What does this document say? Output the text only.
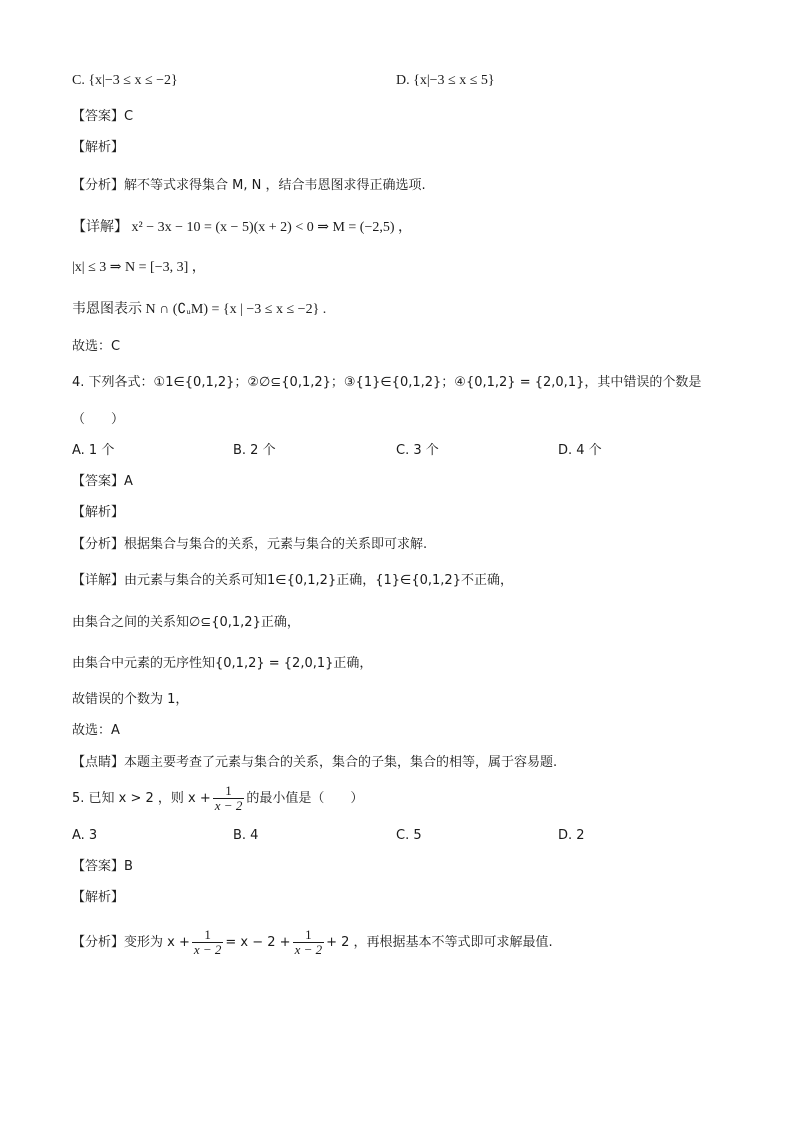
C. {x|−3 ≤ x ≤ −2}	D. {x|−3 ≤ x ≤ 5}
【答案】C
【解析】
【分析】解不等式求得集合 M, N ，结合韦恩图求得正确选项.
【详解】 x² − 3x − 10 = (x − 5)(x + 2) < 0 ⇒ M = (−2,5) ，
|x| ≤ 3 ⇒ N = [−3, 3] ，
韦恩图表示 N ∩ (∁ᵤM) = {x | −3 ≤ x ≤ −2} .
故选：C
4. 下列各式：①1∈{0,1,2}；②∅⊆{0,1,2}；③{1}∈{0,1,2}；④{0,1,2} = {2,0,1}，其中错误的个数是
（　　）
A. 1 个	B. 2 个	C. 3 个	D. 4 个
【答案】A
【解析】
【分析】根据集合与集合的关系，元素与集合的关系即可求解.
【详解】由元素与集合的关系可知1∈{0,1,2}正确，{1}∈{0,1,2}不正确，
由集合之间的关系知∅⊆{0,1,2}正确，
由集合中元素的无序性知{0,1,2} = {2,0,1}正确，
故错误的个数为 1，
故选：A
【点睛】本题主要考查了元素与集合的关系，集合的子集，集合的相等，属于容易题.
5. 已知 x > 2 ，则 $x + \frac{1}{x - 2}$ 的最小值是（　　）
A. 3	B. 4	C. 5	D. 2
【答案】B
【解析】
【分析】变形为 $x + \frac{1}{x - 2} = x - 2 + \frac{1}{x - 2} + 2$ ，再根据基本不等式即可求解最值.
